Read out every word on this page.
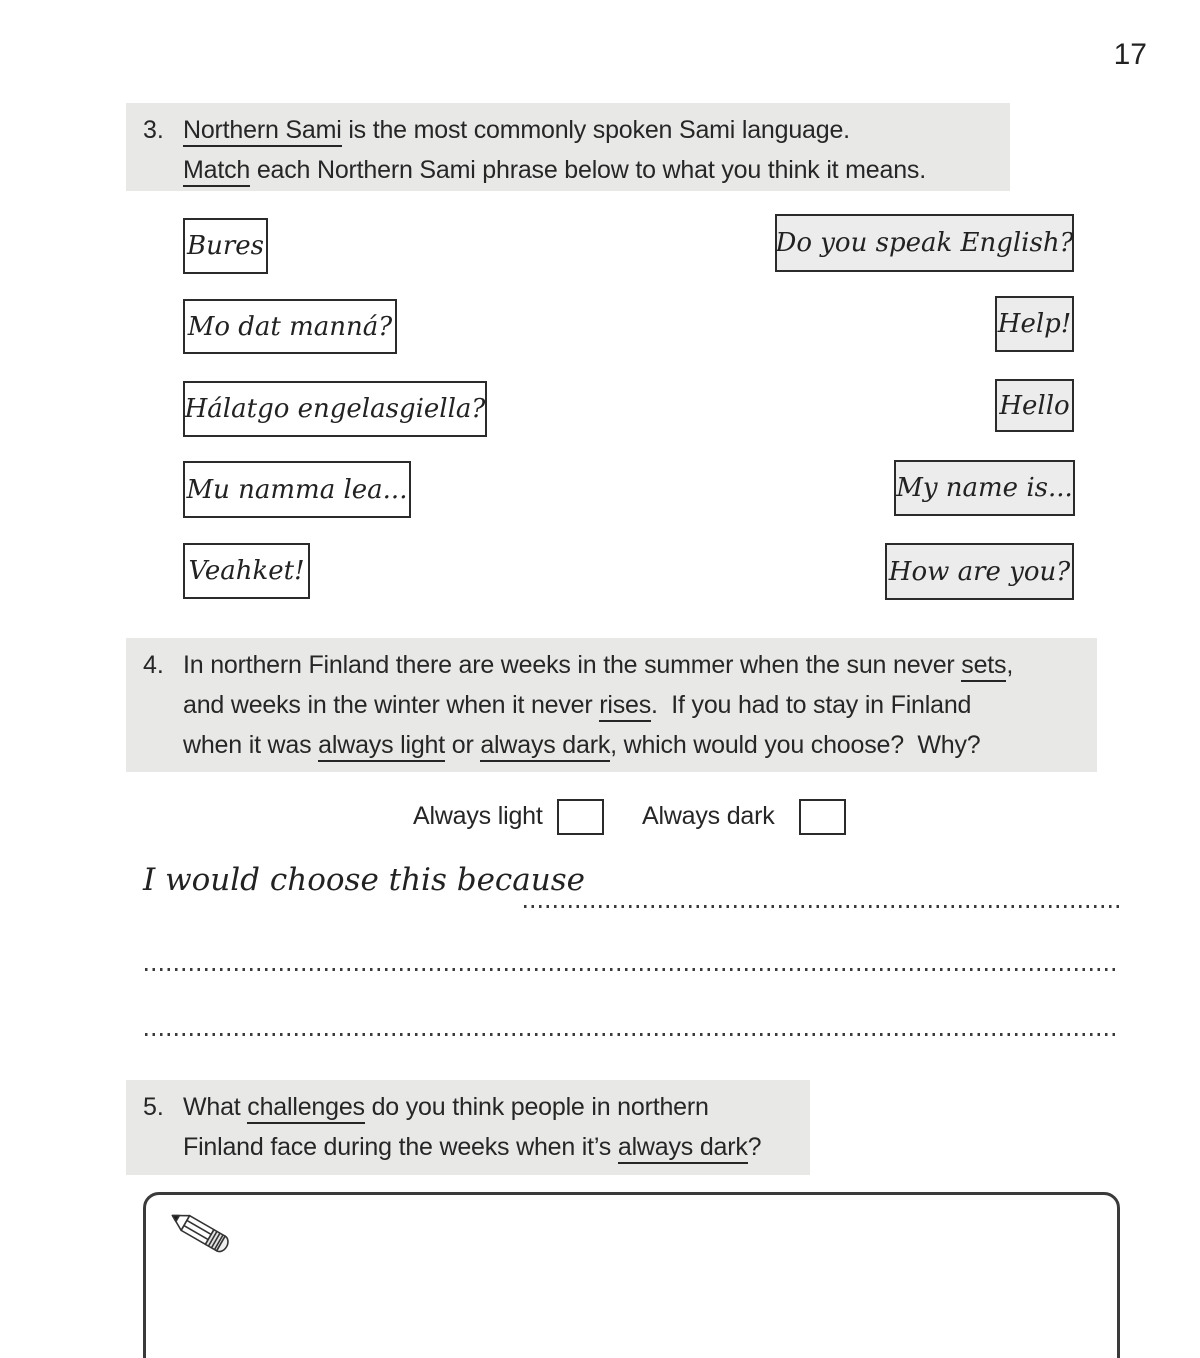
17
3. Northern Sami is the most commonly spoken Sami language.
Match each Northern Sami phrase below to what you think it means.
Bures
Mo dat manná?
Hálatgo engelasgiella?
Mu namma lea...
Veahket!
Do you speak English?
Help!
Hello
My name is...
How are you?
4. In northern Finland there are weeks in the summer when the sun never sets,
and weeks in the winter when it never rises.  If you had to stay in Finland
when it was always light or always dark, which would you choose?  Why?
Always light	Always dark
I would choose this because
5. What challenges do you think people in northern
Finland face during the weeks when it’s always dark?
